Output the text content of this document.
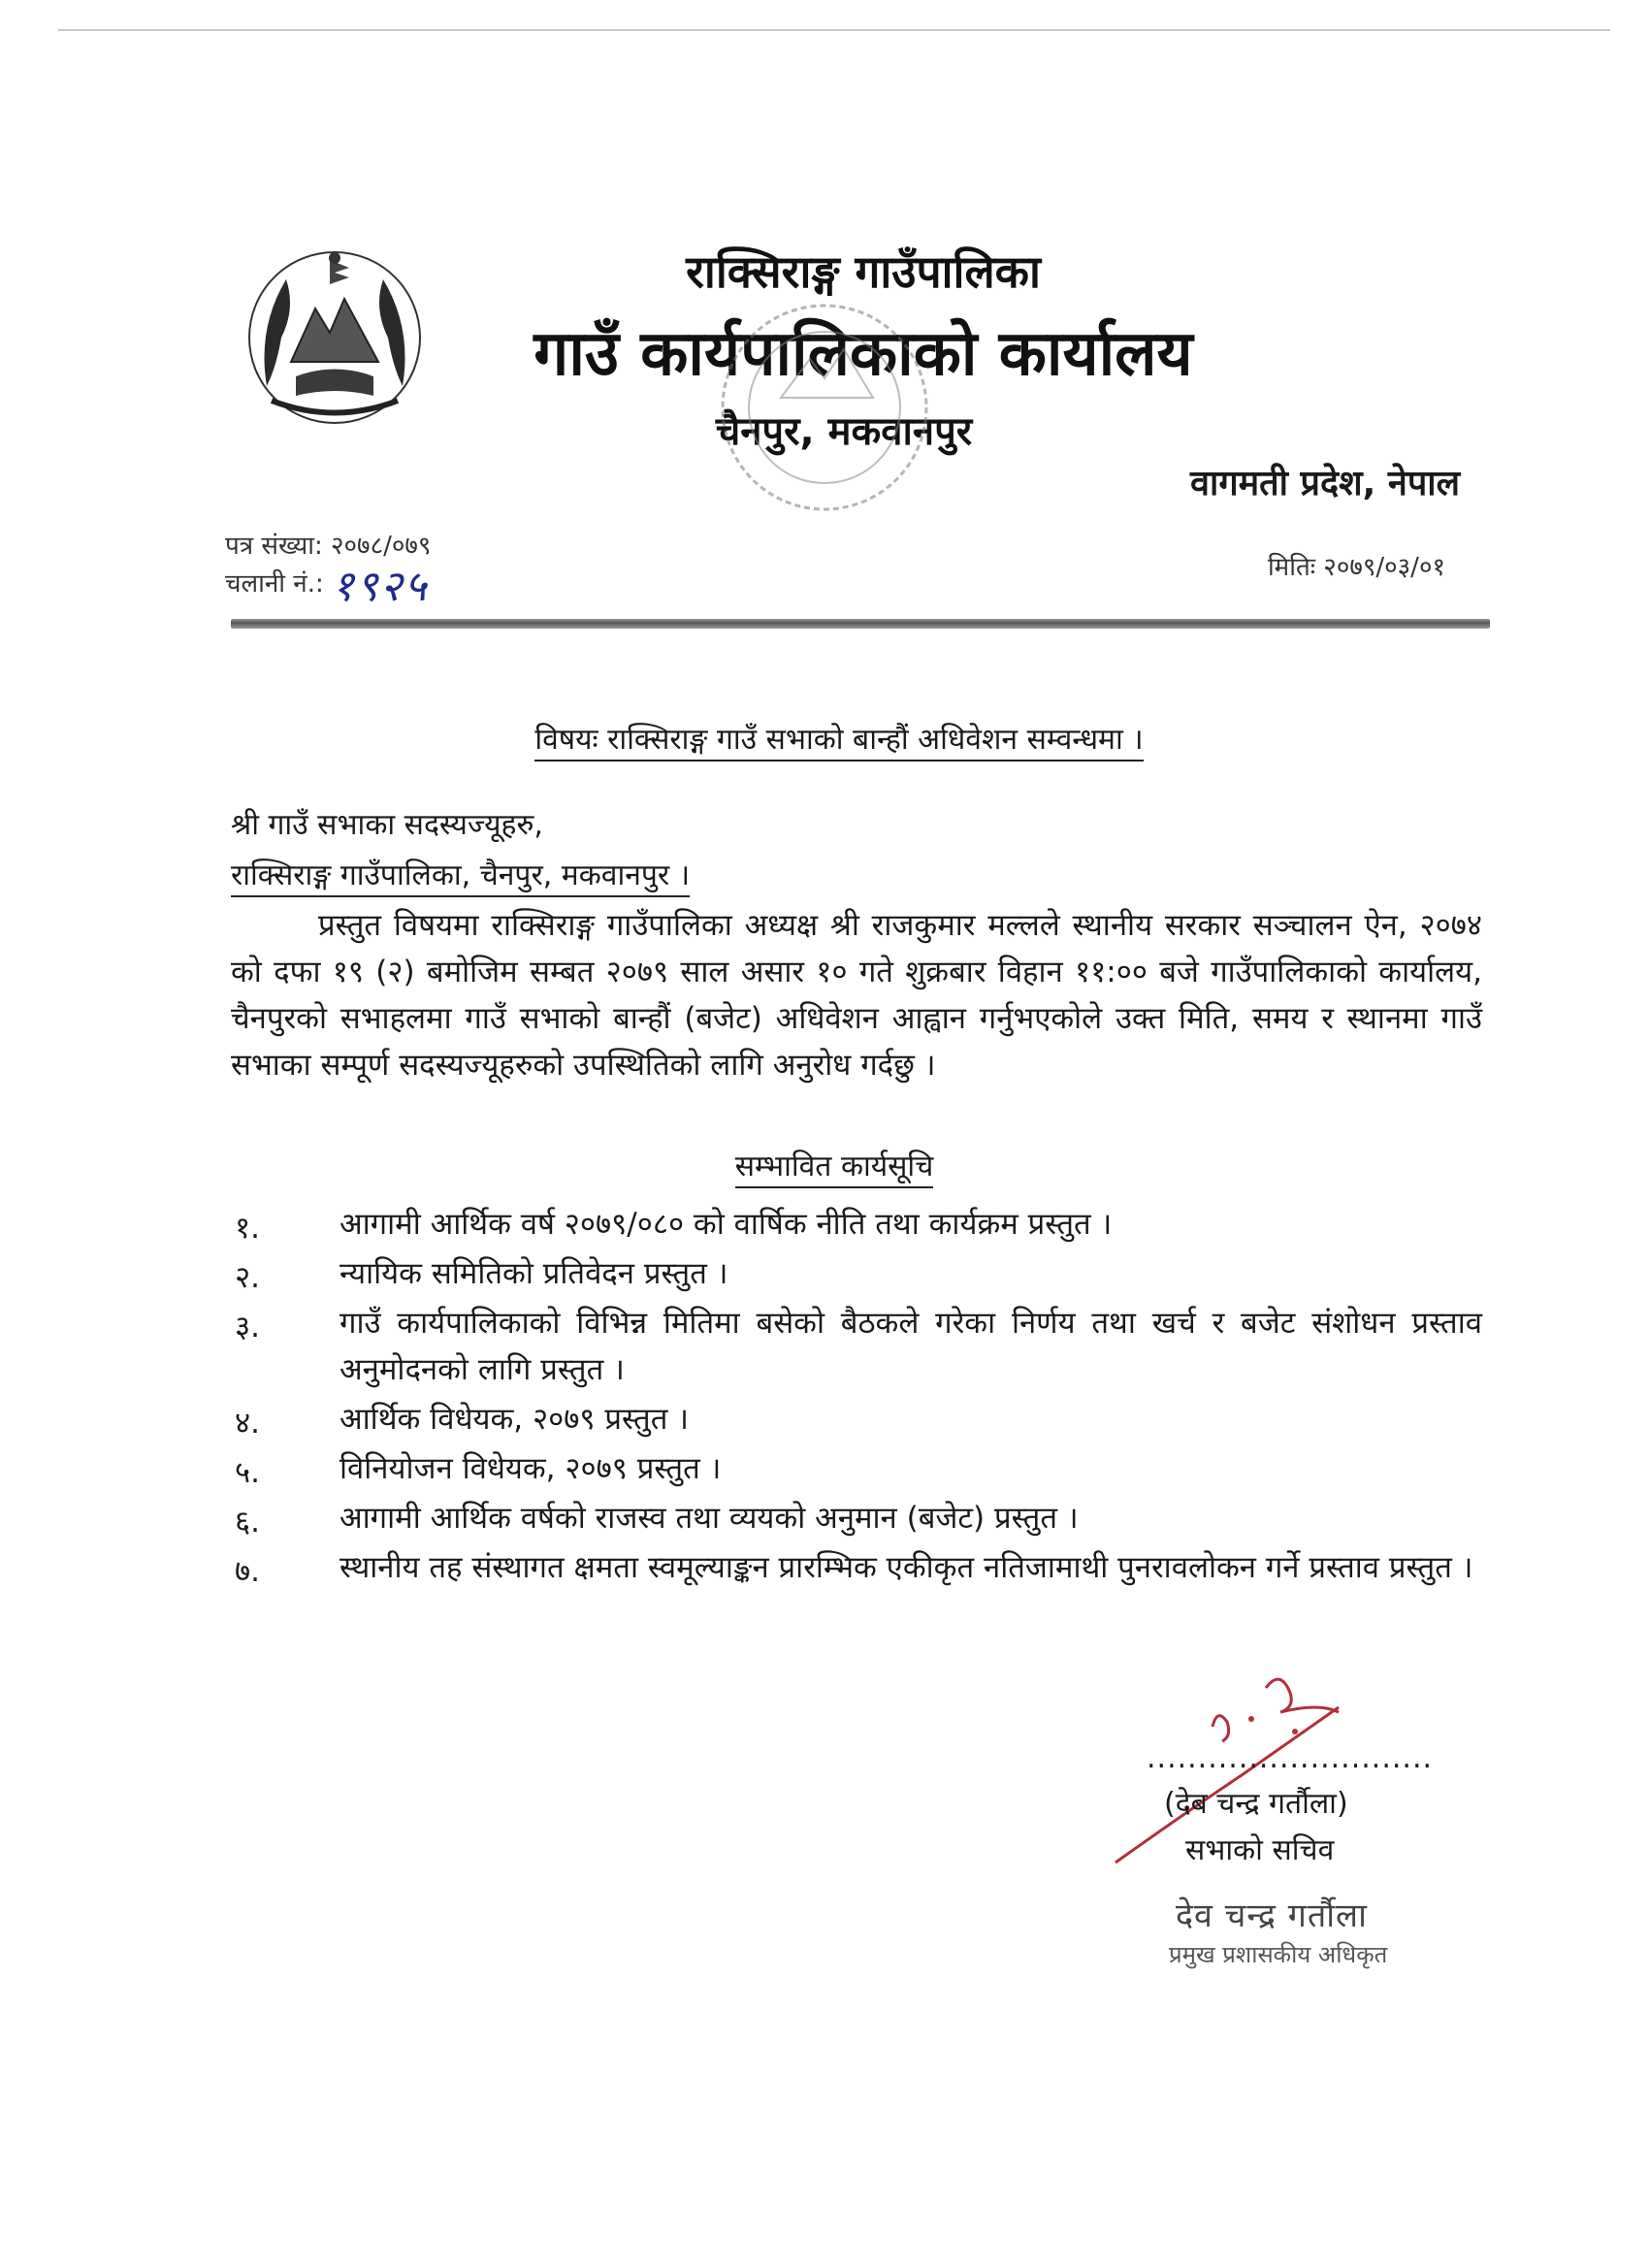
राक्सिराङ्ग गाउँपालिका
गाउँ कार्यपालिकाको कार्यालय
चैनपुर, मकवानपुर
वागमती प्रदेश, नेपाल
पत्र संख्या: २०७८/०७९
चलानी नं.: १९२५	मितिः २०७९/०३/०१
विषयः राक्सिराङ्ग गाउँ सभाको बान्हौं अधिवेशन सम्वन्धमा ।
श्री गाउँ सभाका सदस्यज्यूहरु,
राक्सिराङ्ग गाउँपालिका, चैनपुर, मकवानपुर ।

प्रस्तुत विषयमा राक्सिराङ्ग गाउँपालिका अध्यक्ष श्री राजकुमार मल्लले स्थानीय सरकार सञ्चालन ऐन, २०७४ को दफा १९ (२) बमोजिम सम्बत २०७९ साल असार १० गते शुक्रबार विहान ११:०० बजे गाउँपालिकाको कार्यालय, चैनपुरको सभाहलमा गाउँ सभाको बान्हौं (बजेट) अधिवेशन आह्वान गर्नुभएकोले उक्त मिति, समय र स्थानमा गाउँ सभाका सम्पूर्ण सदस्यज्यूहरुको उपस्थितिको लागि अनुरोध गर्दछु ।

सम्भावित कार्यसूचि
१.	आगामी आर्थिक वर्ष २०७९/०८० को वार्षिक नीति तथा कार्यक्रम प्रस्तुत ।
२.	न्यायिक समितिको प्रतिवेदन प्रस्तुत ।
३.	गाउँ कार्यपालिकाको विभिन्न मितिमा बसेको बैठकले गरेका निर्णय तथा खर्च र बजेट संशोधन प्रस्ताव अनुमोदनको लागि प्रस्तुत ।
४.	आर्थिक विधेयक, २०७९ प्रस्तुत ।
५.	विनियोजन विधेयक, २०७९ प्रस्तुत ।
६.	आगामी आर्थिक वर्षको राजस्व तथा व्ययको अनुमान (बजेट) प्रस्तुत ।
७.	स्थानीय तह संस्थागत क्षमता स्वमूल्याङ्कन प्रारम्भिक एकीकृत नतिजामाथी पुनरावलोकन गर्ने प्रस्ताव प्रस्तुत ।
............................
(देब चन्द्र गर्तौला)
सभाको सचिव
देव चन्द्र गर्तौला
प्रमुख प्रशासकीय अधिकृत
